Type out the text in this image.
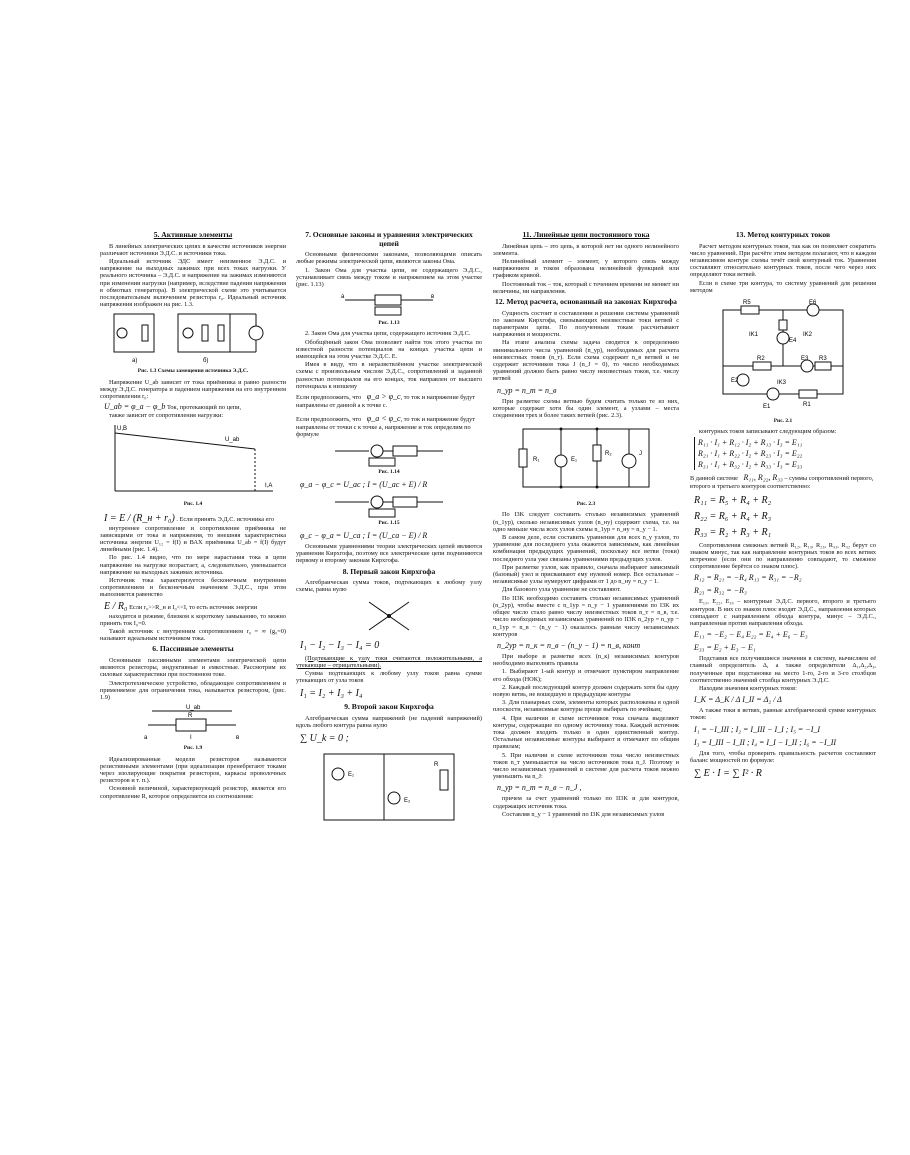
5. Активные элементы

В линейных электрических цепях в качестве источников энергии различают источники Э.Д.С. и источники тока.

Идеальный источник ЭДС имеет неизменное Э.Д.С. и напряжение на выходных зажимах при всех токах нагрузки. У реального источника – Э.Д.С. и напряжение на зажимах изменяются при изменении нагрузки (например, вследствие падения напряжения в обмотках генератора). В электрической схеме это учитывается последовательным включением резистора r₀. Идеальный источник напряжения изображен на рис. 1.3.

а)	б)
Рис. 1.3 Схемы замещения источника Э.Д.С.

Напряжение U_ab зависит от тока приёмника и равно разности между Э.Д.С. генератора и падением напряжения на его внутреннем сопротивлении r₀:

U_ab = φ_a − φ_b Ток, протекающий по цепи,

также зависит от сопротивления нагрузки:

U,B
U_ab
I,A
Рис. 1.4
I = E / (R_н + r₀) . Если принять Э.Д.С. источника его

внутреннее сопротивление и сопротивление приёмника не зависящими от тока и напряжения, то внешняя характеристика источника энергии U₁₂ = f(I) и ВАХ приёмника U_ab = f(I) будут линейными (рис. 1.4).

По рис. 1.4 видно, что по мере нарастания тока в цепи напряжение на нагрузке возрастает, а, следовательно, уменьшается напряжение на выходных зажимах источника.

Источник тока характеризуется бесконечным внутренним сопротивлением и бесконечным значением Э.Д.С., при этом выполняется равенство

E / R₀ Если r₀>>R_н и I₀<<I, то есть источник энергии

находится в режиме, близком к короткому замыканию, то можно принять ток I₀=0.

Такой источник с внутренним сопротивлением r₀ = ∞ (g₀=0) называют идеальным источником тока.

6. Пассивные элементы

Основными пассивными элементами электрической цепи являются резисторы, индуктивные и емкостные. Рассмотрим их силовые характеристики при постоянном токе.

Электротехническое устройство, обладающее сопротивлением и применяемое для ограничения тока, называется резистором, (рис. 1.9)

U_ab
R
a	I	в
Рис. 1.9

Идеализированные модели резисторов называются резистивными элементами (при идеализации пренебрегают токами через изолирующие покрытия резисторов, каркасы проволочных резисторов и т. п.).

Основной величиной, характеризующей резистор, является его сопротивление R, которое определяется из соотношения:

7. Основные законы и уравнения электрических цепей

Основными физическими законами, позволяющими описать любые режимы электрической цепи, являются законы Ома.

1. Закон Ома для участка цепи, не содержащего Э.Д.С., устанавливает связь между током и напряжением на этом участке (рис. 1.13)

a	в
Рис. 1.13

2. Закон Ома для участка цепи, содержащего источник Э.Д.С.

Обобщённый закон Ома позволяет найти ток этого участка по известной разности потенциалов на концах участка цепи и имеющейся на этом участке Э.Д.С. E.

Имея в виду, что в неразветвлённом участке электрической схемы с произвольным числом Э.Д.С., сопротивлений и заданной разностью потенциалов на его концах, ток направлен от высшего потенциала к низшему

Если предположить, что φ_a > φ_c, то ток и напряжение будут направлены от данной a к точке c.
Если предположить, что φ_a < φ_c, то ток и напряжение будут направлены от точки c к точке a, напряжение и ток определим по формуле
Рис. 1.14
φ_a − φ_c = U_ac ; I = (U_ac + E) / R
Рис. 1.15
φ_c − φ_a = U_ca ; I = (U_ca − E) / R

Основными уравнениями теории электрических цепей являются уравнения Кирхгофа, поэтому все электрические цепи подчиняются первому и второму законам Кирхгофа.

8. Первый закон Кирхгофа

Алгебраическая сумма токов, подтекающих к любому узлу схемы, равна нулю

I₁ − I₂ − I₃ − I₄ = 0

(Подтекающие к узлу токи считаются положительными, а утекающие – отрицательными).

Сумма подтекающих к любому узлу токов равна сумме утекающих от узла токов

I₁ = I₂ + I₃ + I₄
9. Второй закон Кирхгофа

Алгебраическая сумма напряжений (не падений напряжений) вдоль любого контура равна нулю

∑ U_k = 0 ;
E₁
E₂
R
11. Линейные цепи постоянного тока

Линейная цепь – это цепь, в которой нет ни одного нелинейного элемента.

Нелинейный элемент – элемент, у которого связь между напряжением и током образована нелинейной функцией или графиком кривой.

Постоянный ток – ток, который с течением времени не меняет ни величины, ни направления.

12. Метод расчета, основанный на законах Кирхгофа

Сущность состоит в составлении и решении системы уравнений по законам Кирхгофа, связывающих неизвестные токи ветвей с параметрами цепи. По полученным токам рассчитывают напряжения и мощности.

На этапе анализа схемы задача сводится к определению минимального числа уравнений (n_ур), необходимых для расчета неизвестных токов (n_т). Если схема содержит n_в ветвей и не содержит источников тока J (n_J = 0), то число необходимых уравнений должно быть равно числу неизвестных токов, т.е. числу ветвей

n_ур = n_т = n_в

При разметке схемы ветвью будем считать только те из них, которые содержат хотя бы один элемент, а узлами – места соединения трех и более таких ветвей (рис. 2.3).

R₁	E₁
R₂	J
Рис. 2.3

По I3K следует составить столько независимых уравнений (n_1ур), сколько независимых узлов (n_ну) содержит схема, т.е. на одно меньше числа всех узлов схемы n_1ур = n_ну = n_у − 1.

В самом деле, если составить уравнения для всех n_у узлов, то уравнение для последнего узла окажется зависимым, как линейная комбинация предыдущих уравнений, поскольку все ветви (токи) последнего узла уже связаны уравнениями предыдущих узлов.

При разметке узлов, как правило, сначала выбирают зависимый (базовый) узел и присваивают ему нулевой номер. Все остальные – независимые узлы нумеруют цифрами от 1 до n_ну = n_у − 1.

Для базового узла уравнение не составляют.

По II3K необходимо составить столько независимых уравнений (n_2ур), чтобы вместе с n_1ур = n_у − 1 уравнениями по I3K их общее число стало равно числу неизвестных токов n_т = n_в, т.е. число необходимых независимых уравнений по II3K n_2ур = n_ур − n_1ур = n_в − (n_у − 1) оказалось равным числу независимых контуров

n_2ур = n_к = n_в − (n_у − 1) = n_в, конт

При выборе и разметке всех (n_к) независимых контуров необходимо выполнять правила

1. Выбирают 1-ый контур и отмечают пунктиром направление его обхода (НОК);

2. Каждый последующий контур должен содержать хотя бы одну новую ветвь, не вошедшую в предыдущие контуры

3. Для планарных схем, элементы которых расположены в одной плоскости, независимые контуры проще выбирать по ячейкам;

4. При наличии в схеме источников тока сначала выделяют контуры, содержащие по одному источнику тока. Каждый источник тока должен входить только в один единственный контур. Остальные независимые контуры выбирают и отмечают по общим правилам;

5. При наличии в схеме источников тока число неизвестных токов n_т уменьшается на число источников тока n_J. Поэтому и число независимых уравнений в системе для расчета токов можно уменьшить на n_J:

n_ур = n_т = n_в − n_J ,

причем за счет уравнений только по II3K и для контуров, содержащих источник тока.

Составляя n_у − 1 уравнений по I3K для независимых узлов

13. Метод контурных токов

Расчет методом контурных токов, так как он позволяет сократить число уравнений. При расчёте этим методом полагают, что в каждом независимом контуре схемы течёт свой контурный ток. Уравнения составляют относительно контурных токов, после чего через них определяют токи ветвей.

Если в схеме три контура, то систему уравнений для решения методом

R5	E6
IK1	IK2
E4
E2
R2	E3 R3
IK3
E1	R1
Рис. 2.1

контурных токов записывают следующим образом:

R₁₁ · I₁ + R₁₂ · I₂ + R₁₃ · I₃ = E₁₁
R₂₁ · I₁ + R₂₂ · I₂ + R₂₃ · I₃ = E₂₂
R₃₁ · I₁ + R₃₂ · I₂ + R₃₃ · I₃ = E₃₃
В данной системе R₁₁, R₂₂, R₃₃ – суммы сопротивлений первого, второго и третьего контуров соответственно:
R₁₁ = R₅ + R₄ + R₂
R₂₂ = R₆ + R₄ + R₃
R₃₃ = R₂ + R₃ + R₁

Сопротивления смежных ветвей R₁₂, R₁₃, R₂₃, R₃₁, R₃₂ берут со знаком минус, так как направление контурных токов во всех ветвях встречное (если они по направлению совпадают, то смежное сопротивление берётся со знаком плюс).

R₁₂ = R₂₁ = −R₄ R₁₃ = R₃₁ = −R₂
R₂₃ = R₃₂ = −R₃

E₁₁, E₂₂, E₃₃ – контурные Э.Д.С. первого, второго и третьего контуров. В них со знаком плюс входят Э.Д.С., направления которых совпадают с направлением обхода контура, минус – Э.Д.С., направленная против направления обхода.

E₁₁ = −E₂ − E₄ E₂₂ = E₄ + E₆ − E₃
E₃₃ = E₂ + E₃ − E₁

Подставив все получившиеся значения в систему, вычисляем её главный определитель Δ, а также определители Δ₁,Δ₂,Δ₃, полученные при подстановке на место 1-го, 2-го и 3-го столбцов соответственно значений столбца контурных Э.Д.С.

Находим значения контурных токов:

I_K = Δ_K / Δ I_II = Δ₂ / Δ

А также токи в ветвях, равные алгебраической сумме контурных токов:

I₁ = −I_III ; I₂ = I_III − I_I ; I₅ = −I_I
I₃ = I_III − I_II ; I₄ = I_I − I_II ; I₆ = −I_II

Для того, чтобы проверить правильность расчетов составляют баланс мощностей по формуле:

∑ E · I = ∑ I² · R
